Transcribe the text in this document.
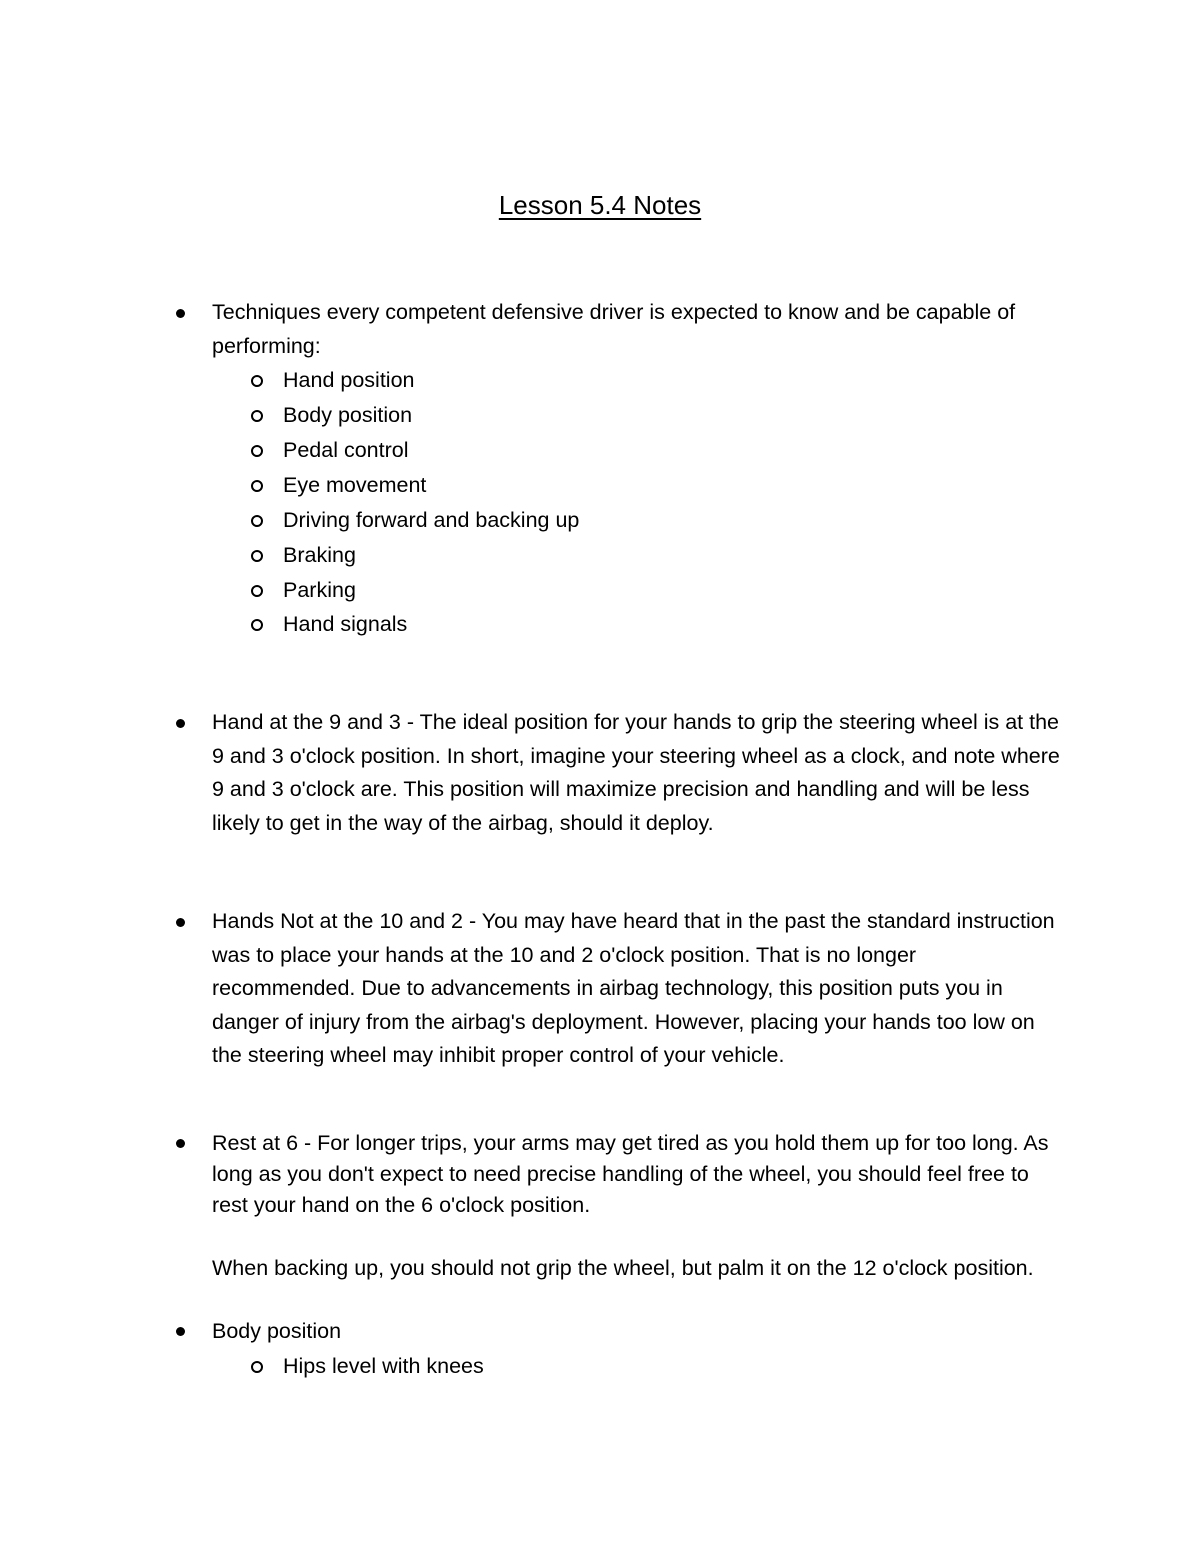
Lesson 5.4 Notes
Techniques every competent defensive driver is expected to know and be capable of performing:
Hand position
Body position
Pedal control
Eye movement
Driving forward and backing up
Braking
Parking
Hand signals
Hand at the 9 and 3 - The ideal position for your hands to grip the steering wheel is at the 9 and 3 o'clock position. In short, imagine your steering wheel as a clock, and note where 9 and 3 o'clock are. This position will maximize precision and handling and will be less likely to get in the way of the airbag, should it deploy.
Hands Not at the 10 and 2 - You may have heard that in the past the standard instruction was to place your hands at the 10 and 2 o'clock position. That is no longer recommended. Due to advancements in airbag technology, this position puts you in danger of injury from the airbag's deployment. However, placing your hands too low on the steering wheel may inhibit proper control of your vehicle.
Rest at 6 - For longer trips, your arms may get tired as you hold them up for too long. As long as you don't expect to need precise handling of the wheel, you should feel free to rest your hand on the 6 o'clock position.
When backing up, you should not grip the wheel, but palm it on the 12 o'clock position.
Body position
Hips level with knees
